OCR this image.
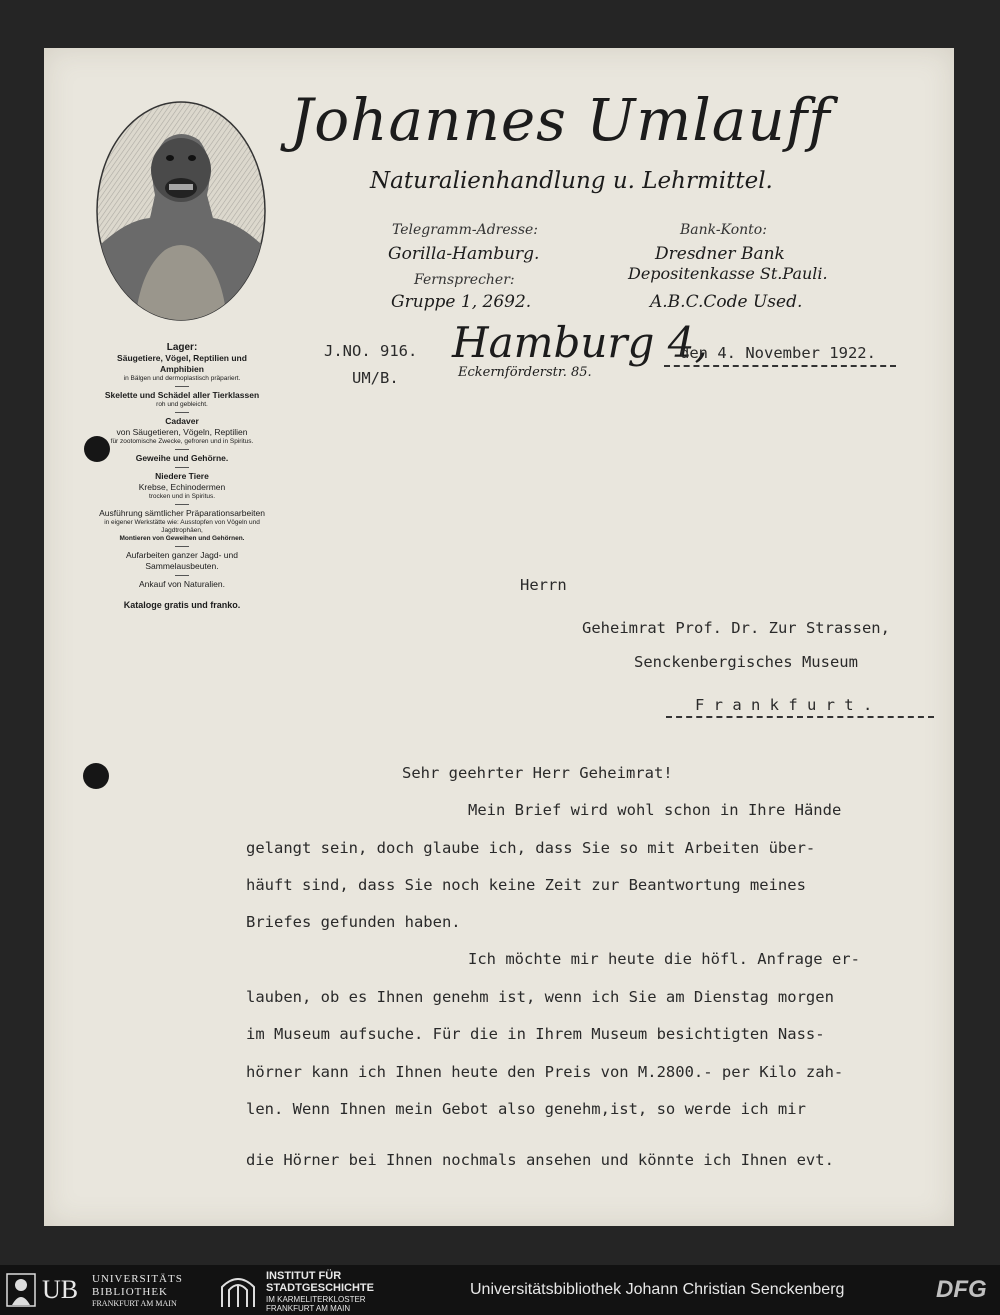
Johannes Umlauff
Naturalienhandlung u. Lehrmittel.
Telegramm-Adresse:
Gorilla-Hamburg.
Fernsprecher:
Gruppe 1, 2692.
Bank-Konto:
Dresdner Bank
Depositenkasse St.Pauli.
A.B.C.Code Used.
Hamburg 4,
Eckernförderstr. 85.
Lager:
Säugetiere, Vögel, Reptilien und Amphibien
in Bälgen und dermoplastisch präpariert.
Skelette und Schädel aller Tierklassen
roh und gebleicht.
Cadaver
von Säugetieren, Vögeln, Reptilien
für zootomische Zwecke, gefroren und in Spiritus.
Geweihe und Gehörne.
Niedere Tiere
Krebse, Echinodermen
trocken und in Spiritus.
Ausführung sämtlicher Präparationsarbeiten
in eigener Werkstätte wie: Ausstopfen von Vögeln und Jagdtrophäen,
Montieren von Geweihen und Gehörnen.
Aufarbeiten ganzer Jagd- und Sammelausbeuten.
Ankauf von Naturalien.
Kataloge gratis und franko.
J.NO. 916.
UM/B.
den 4. November 1922.
Herrn
Geheimrat Prof. Dr. Zur Strassen,
Senckenbergisches Museum
F r a n k f u r t .
Sehr geehrter Herr Geheimrat!
Mein Brief wird wohl schon in Ihre Hände
gelangt sein, doch glaube ich, dass Sie so mit Arbeiten über-
häuft sind, dass Sie noch keine Zeit zur Beantwortung meines
Briefes gefunden haben.
Ich möchte mir heute die höfl. Anfrage er-
lauben, ob es Ihnen genehm ist, wenn ich Sie am Dienstag morgen
im Museum aufsuche. Für die in Ihrem Museum besichtigten Nass-
hörner kann ich Ihnen heute den Preis von M.2800.- per Kilo zah-
len. Wenn Ihnen mein Gebot also genehm,ist, so werde ich mir
die Hörner bei Ihnen nochmals ansehen und könnte ich Ihnen evt.
UB UNIVERSITÄTS
BIBLIOTHEK
FRANKFURT AM MAIN
INSTITUT FÜR
STADTGESCHICHTE
IM KARMELITERKLOSTER
FRANKFURT AM MAIN
Universitätsbibliothek Johann Christian Senckenberg	DFG
